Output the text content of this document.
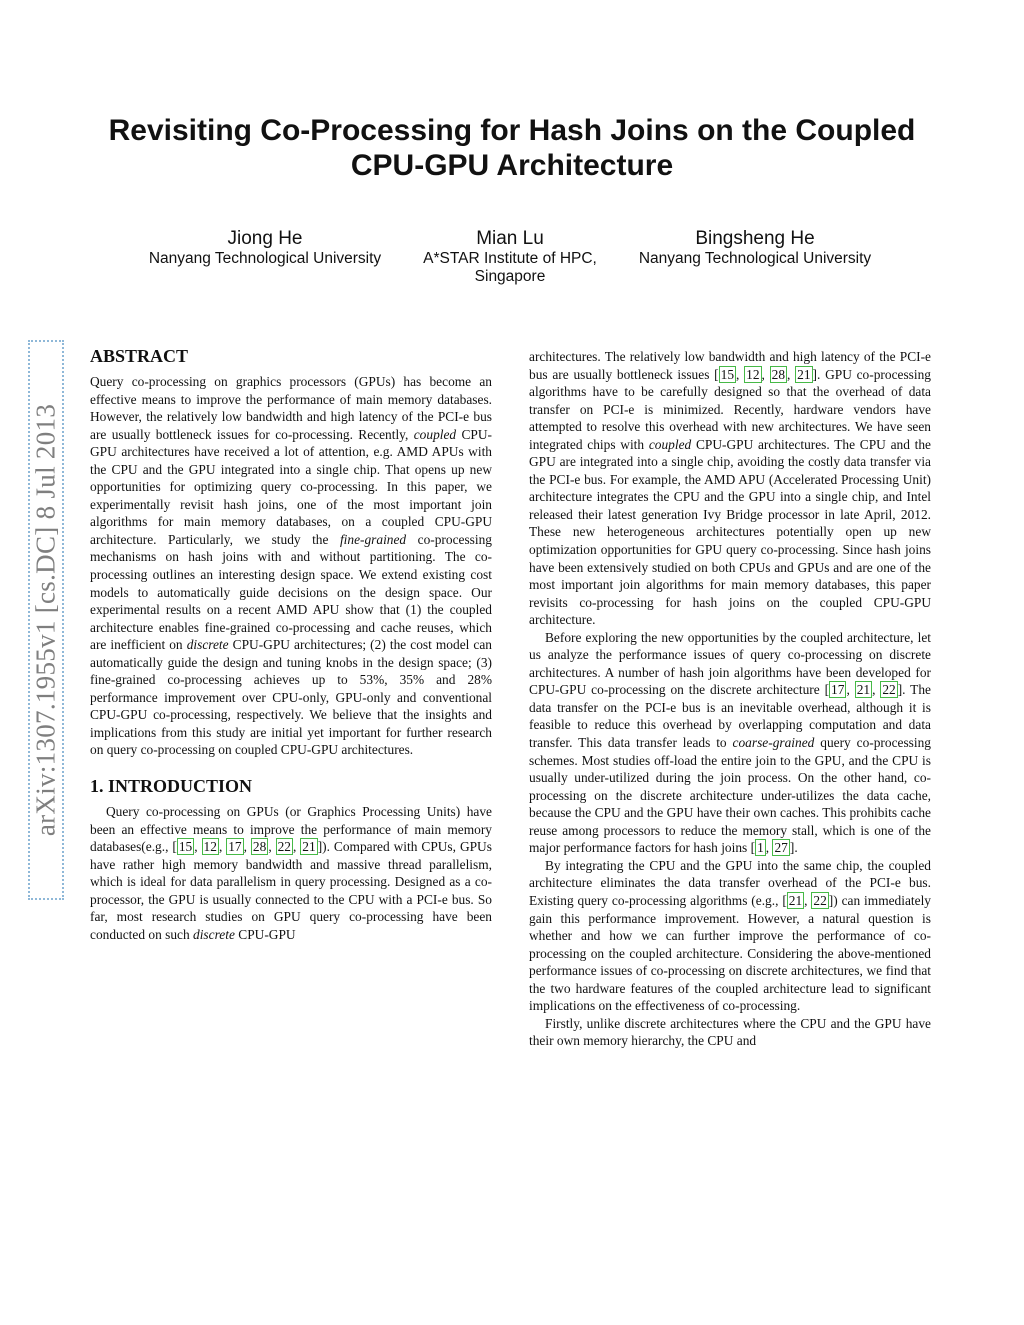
Revisiting Co-Processing for Hash Joins on the Coupled CPU-GPU Architecture
Jiong He
Nanyang Technological University
Mian Lu
A*STAR Institute of HPC, Singapore
Bingsheng He
Nanyang Technological University
arXiv:1307.1955v1 [cs.DC] 8 Jul 2013
ABSTRACT

Query co-processing on graphics processors (GPUs) has become an effective means to improve the performance of main memory databases. However, the relatively low bandwidth and high latency of the PCI-e bus are usually bottleneck issues for co-processing. Recently, coupled CPU-GPU architectures have received a lot of attention, e.g. AMD APUs with the CPU and the GPU integrated into a single chip. That opens up new opportunities for optimizing query co-processing. In this paper, we experimentally revisit hash joins, one of the most important join algorithms for main memory databases, on a coupled CPU-GPU architecture. Particularly, we study the fine-grained co-processing mechanisms on hash joins with and without partitioning. The co-processing outlines an interesting design space. We extend existing cost models to automatically guide decisions on the design space. Our experimental results on a recent AMD APU show that (1) the coupled architecture enables fine-grained co-processing and cache reuses, which are inefficient on discrete CPU-GPU architectures; (2) the cost model can automatically guide the design and tuning knobs in the design space; (3) fine-grained co-processing achieves up to 53%, 35% and 28% performance improvement over CPU-only, GPU-only and conventional CPU-GPU co-processing, respectively. We believe that the insights and implications from this study are initial yet important for further research on query co-processing on coupled CPU-GPU architectures.

1. INTRODUCTION

Query co-processing on GPUs (or Graphics Processing Units) have been an effective means to improve the performance of main memory databases(e.g., [ 15 , 12 , 17 , 28 , 22 , 21 ]). Compared with CPUs, GPUs have rather high memory bandwidth and massive thread parallelism, which is ideal for data parallelism in query processing. Designed as a co-processor, the GPU is usually connected to the CPU with a PCI-e bus. So far, most research studies on GPU query co-processing have been conducted on such discrete CPU-GPU

architectures. The relatively low bandwidth and high latency of the PCI-e bus are usually bottleneck issues [ 15 , 12 , 28 , 21 ]. GPU co-processing algorithms have to be carefully designed so that the overhead of data transfer on PCI-e is minimized. Recently, hardware vendors have attempted to resolve this overhead with new architectures. We have seen integrated chips with coupled CPU-GPU architectures. The CPU and the GPU are integrated into a single chip, avoiding the costly data transfer via the PCI-e bus. For example, the AMD APU (Accelerated Processing Unit) architecture integrates the CPU and the GPU into a single chip, and Intel released their latest generation Ivy Bridge processor in late April, 2012. These new heterogeneous architectures potentially open up new optimization opportunities for GPU query co-processing. Since hash joins have been extensively studied on both CPUs and GPUs and are one of the most important join algorithms for main memory databases, this paper revisits co-processing for hash joins on the coupled CPU-GPU architecture.

Before exploring the new opportunities by the coupled architecture, let us analyze the performance issues of query co-processing on discrete architectures. A number of hash join algorithms have been developed for CPU-GPU co-processing on the discrete architecture [ 17 , 21 , 22 ]. The data transfer on the PCI-e bus is an inevitable overhead, although it is feasible to reduce this overhead by overlapping computation and data transfer. This data transfer leads to coarse-grained query co-processing schemes. Most studies off-load the entire join to the GPU, and the CPU is usually under-utilized during the join process. On the other hand, co-processing on the discrete architecture under-utilizes the data cache, because the CPU and the GPU have their own caches. This prohibits cache reuse among processors to reduce the memory stall, which is one of the major performance factors for hash joins [ 1 , 27 ].

By integrating the CPU and the GPU into the same chip, the coupled architecture eliminates the data transfer overhead of the PCI-e bus. Existing query co-processing algorithms (e.g., [ 21 , 22 ]) can immediately gain this performance improvement. However, a natural question is whether and how we can further improve the performance of co-processing on the coupled architecture. Considering the above-mentioned performance issues of co-processing on discrete architectures, we find that the two hardware features of the coupled architecture lead to significant implications on the effectiveness of co-processing.

Firstly, unlike discrete architectures where the CPU and the GPU have their own memory hierarchy, the CPU and
